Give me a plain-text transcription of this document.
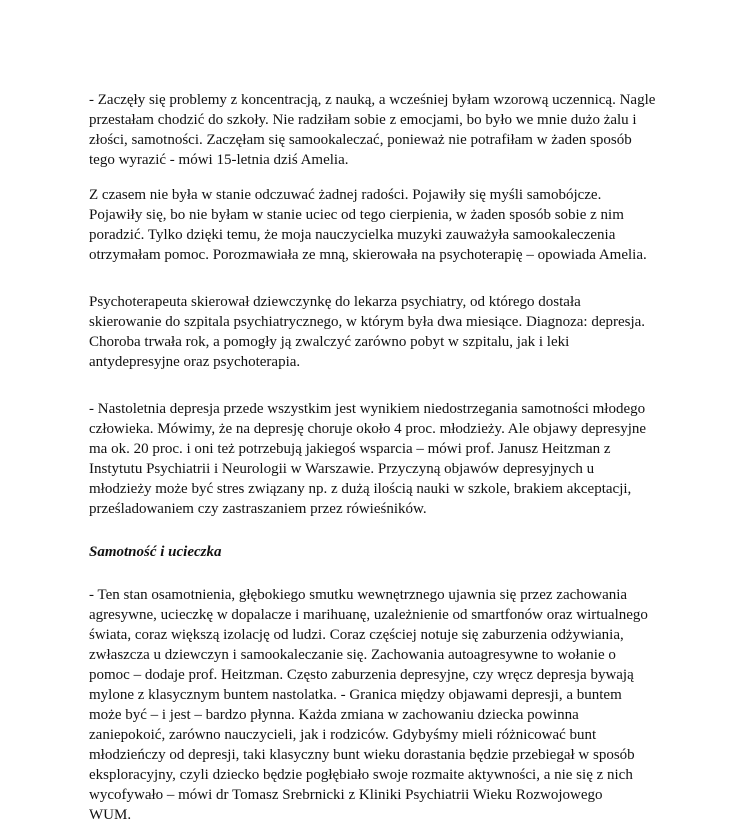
- Zaczęły się problemy z koncentracją, z nauką, a wcześniej byłam wzorową uczennicą. Nagle
przestałam chodzić do szkoły. Nie radziłam sobie z emocjami, bo było we mnie dużo żalu i
złości, samotności. Zaczęłam się samookaleczać, ponieważ nie potrafiłam w żaden sposób
tego wyrazić - mówi 15-letnia dziś Amelia.

Z czasem nie była w stanie odczuwać żadnej radości. Pojawiły się myśli samobójcze.
Pojawiły się, bo nie byłam w stanie uciec od tego cierpienia, w żaden sposób sobie z nim
poradzić. Tylko dzięki temu, że moja nauczycielka muzyki zauważyła samookaleczenia
otrzymałam pomoc. Porozmawiała ze mną, skierowała na psychoterapię – opowiada Amelia.

Psychoterapeuta skierował dziewczynkę do lekarza psychiatry, od którego dostała
skierowanie do szpitala psychiatrycznego, w którym była dwa miesiące. Diagnoza: depresja.
Choroba trwała rok, a pomogły ją zwalczyć zarówno pobyt w szpitalu, jak i leki
antydepresyjne oraz psychoterapia.

- Nastoletnia depresja przede wszystkim jest wynikiem niedostrzegania samotności młodego
człowieka. Mówimy, że na depresję choruje około 4 proc. młodzieży. Ale objawy depresyjne
ma ok. 20 proc. i oni też potrzebują jakiegoś wsparcia – mówi prof. Janusz Heitzman z
Instytutu Psychiatrii i Neurologii w Warszawie. Przyczyną objawów depresyjnych u
młodzieży może być stres związany np. z dużą ilością nauki w szkole, brakiem akceptacji,
prześladowaniem czy zastraszaniem przez rówieśników.

Samotność i ucieczka

- Ten stan osamotnienia, głębokiego smutku wewnętrznego ujawnia się przez zachowania
agresywne, ucieczkę w dopalacze i marihuanę, uzależnienie od smartfonów oraz wirtualnego
świata, coraz większą izolację od ludzi. Coraz częściej notuje się zaburzenia odżywiania,
zwłaszcza u dziewczyn i samookaleczanie się. Zachowania autoagresywne to wołanie o
pomoc – dodaje prof. Heitzman. Często zaburzenia depresyjne, czy wręcz depresja bywają
mylone z klasycznym buntem nastolatka. - Granica między objawami depresji, a buntem
może być – i jest – bardzo płynna. Każda zmiana w zachowaniu dziecka powinna
zaniepokoić, zarówno nauczycieli, jak i rodziców. Gdybyśmy mieli różnicować bunt
młodzieńczy od depresji, taki klasyczny bunt wieku dorastania będzie przebiegał w sposób
eksploracyjny, czyli dziecko będzie pogłębiało swoje rozmaite aktywności, a nie się z nich
wycofywało – mówi dr Tomasz Srebrnicki z Kliniki Psychiatrii Wieku Rozwojowego
WUM.
